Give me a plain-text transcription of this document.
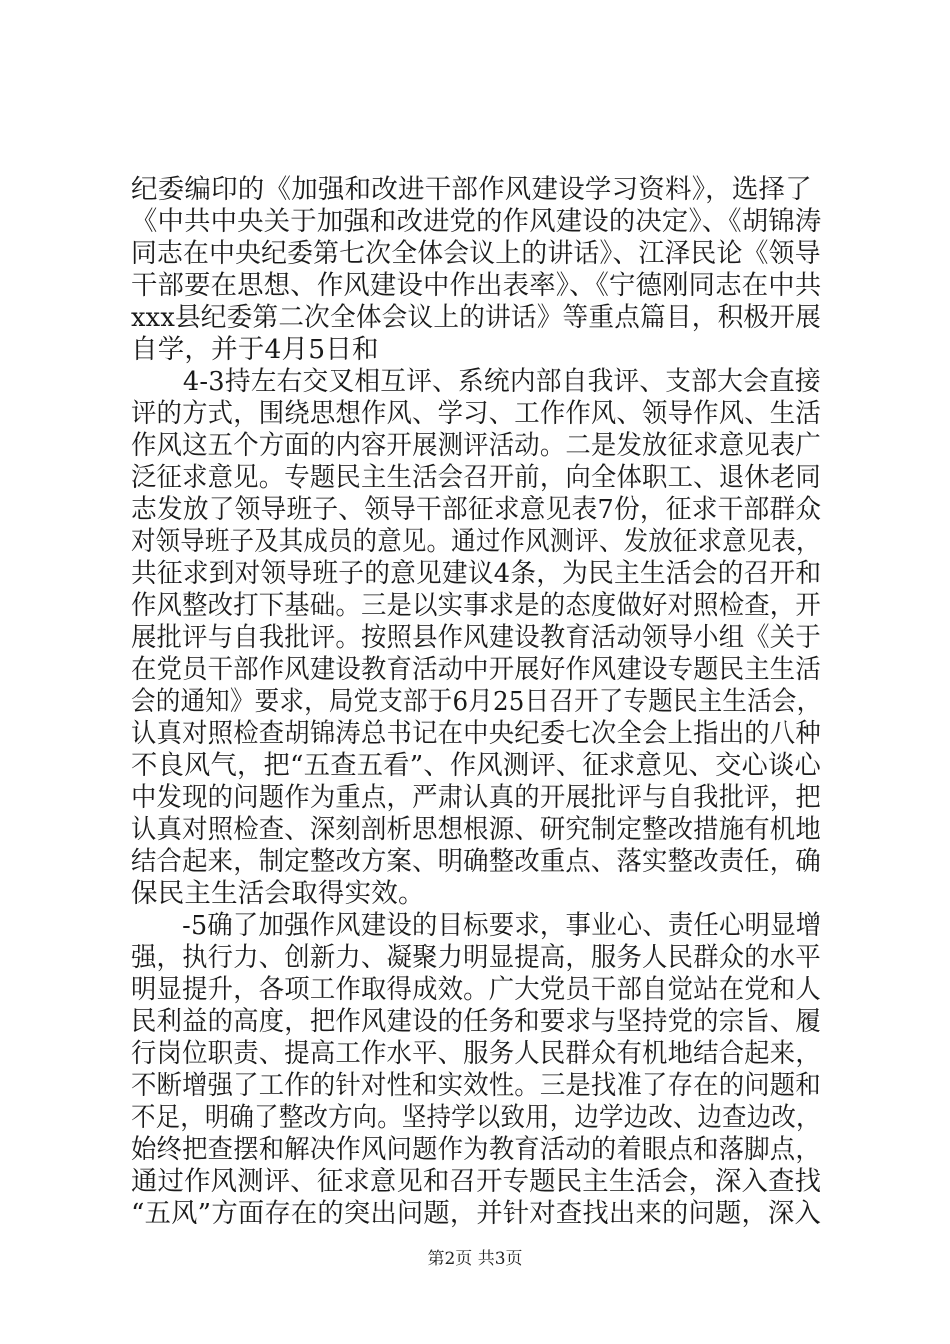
纪委编印的《加强和改进干部作风建设学习资料》，选择了
《中共中央关于加强和改进党的作风建设的决定》、《胡锦涛
同志在中央纪委第七次全体会议上的讲话》、江泽民论《领导
干部要在思想、作风建设中作出表率》、《宁德刚同志在中共
xxx县纪委第二次全体会议上的讲话》等重点篇目，积极开展
自学，并于4月5日和
　　4-3持左右交叉相互评、系统内部自我评、支部大会直接
评的方式，围绕思想作风、学习、工作作风、领导作风、生活
作风这五个方面的内容开展测评活动。二是发放征求意见表广
泛征求意见。专题民主生活会召开前，向全体职工、退休老同
志发放了领导班子、领导干部征求意见表7份，征求干部群众
对领导班子及其成员的意见。通过作风测评、发放征求意见表，
共征求到对领导班子的意见建议4条，为民主生活会的召开和
作风整改打下基础。三是以实事求是的态度做好对照检查，开
展批评与自我批评。按照县作风建设教育活动领导小组《关于
在党员干部作风建设教育活动中开展好作风建设专题民主生活
会的通知》要求，局党支部于6月25日召开了专题民主生活会，
认真对照检查胡锦涛总书记在中央纪委七次全会上指出的八种
不良风气，把“五查五看”、作风测评、征求意见、交心谈心
中发现的问题作为重点，严肃认真的开展批评与自我批评，把
认真对照检查、深刻剖析思想根源、研究制定整改措施有机地
结合起来，制定整改方案、明确整改重点、落实整改责任，确
保民主生活会取得实效。
　　-5确了加强作风建设的目标要求，事业心、责任心明显增
强，执行力、创新力、凝聚力明显提高，服务人民群众的水平
明显提升，各项工作取得成效。广大党员干部自觉站在党和人
民利益的高度，把作风建设的任务和要求与坚持党的宗旨、履
行岗位职责、提高工作水平、服务人民群众有机地结合起来，
不断增强了工作的针对性和实效性。三是找准了存在的问题和
不足，明确了整改方向。坚持学以致用，边学边改、边查边改，
始终把查摆和解决作风问题作为教育活动的着眼点和落脚点，
通过作风测评、征求意见和召开专题民主生活会，深入查找
“五风”方面存在的突出问题，并针对查找出来的问题，深入
第2页 共3页
